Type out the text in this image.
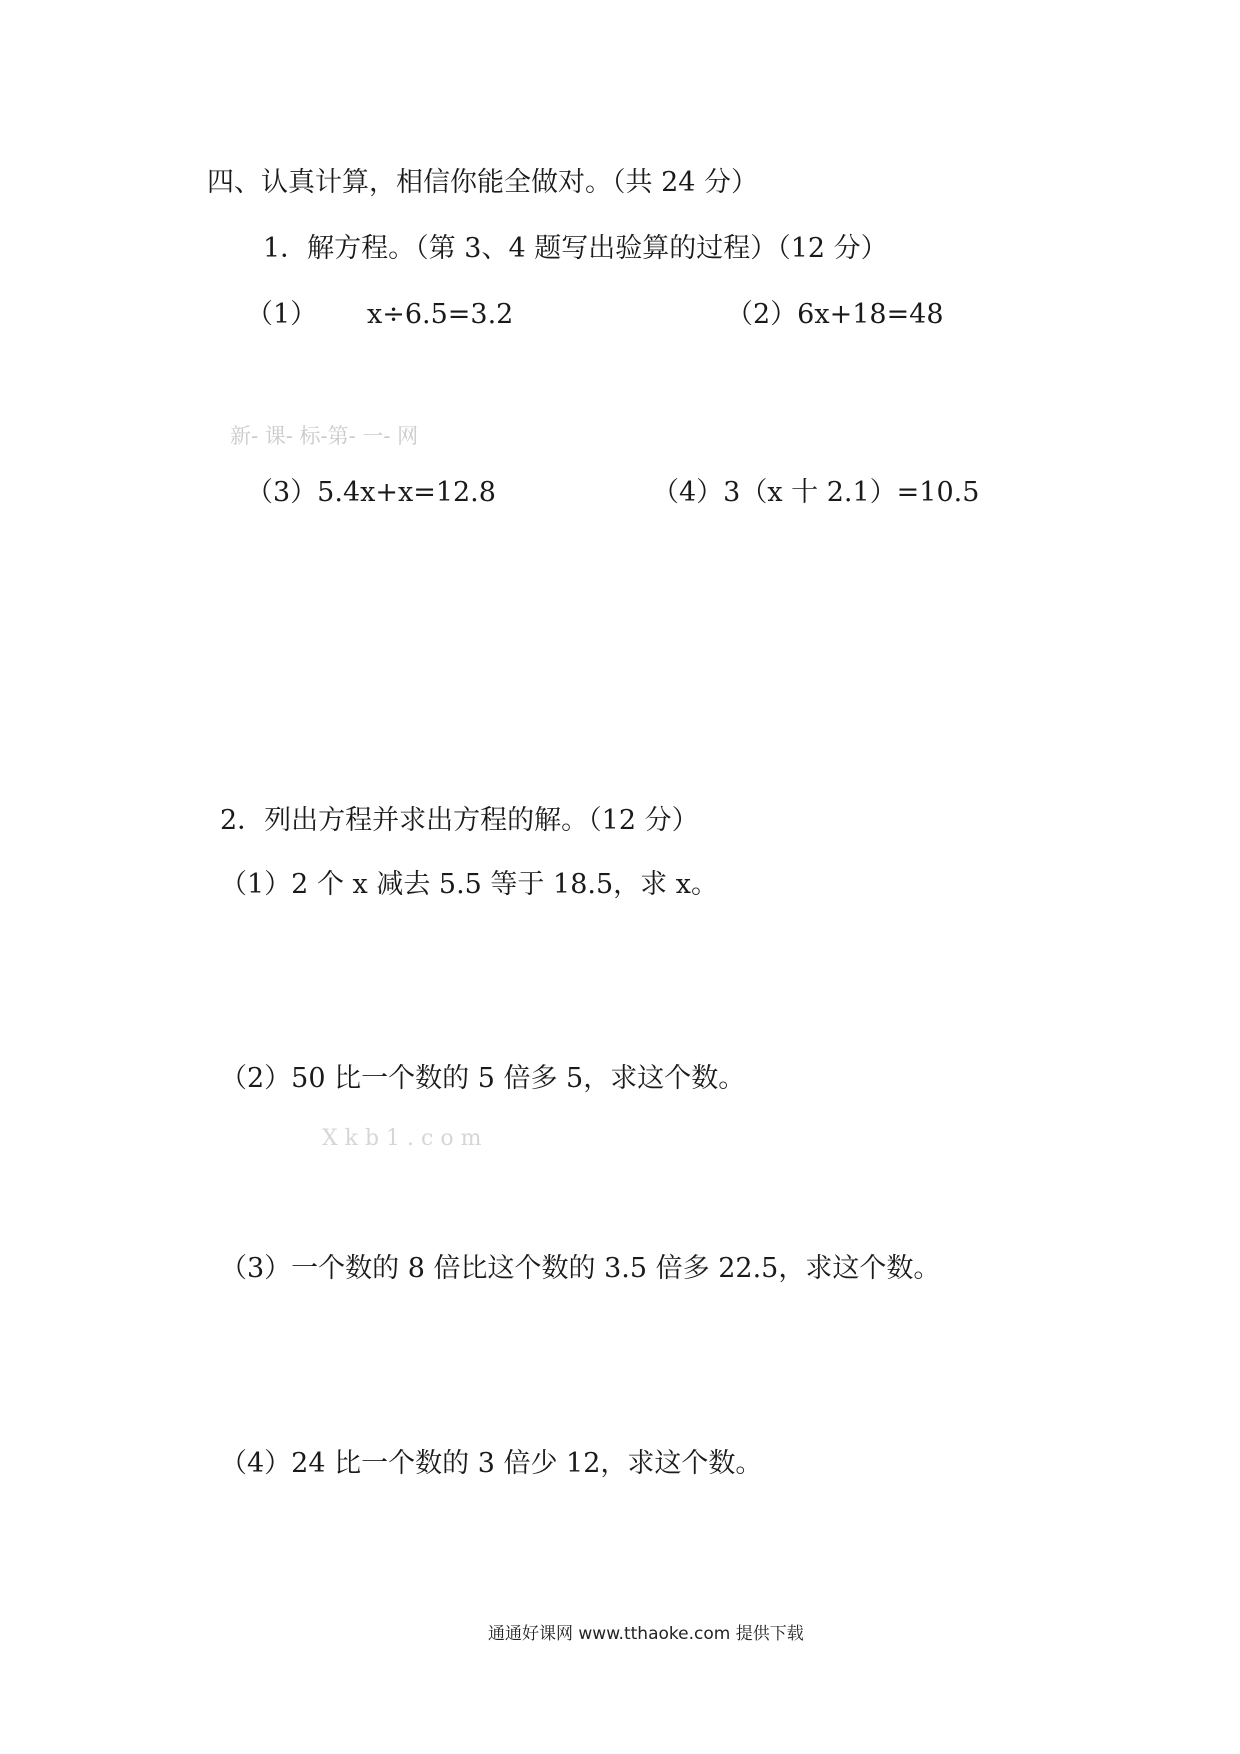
四、认真计算，相信你能全做对。（共 24 分）
1．解方程。（第 3、4 题写出验算的过程）（12 分）
（1） x÷6.5=3.2	（2）6x+18=48
新- 课- 标-第- 一- 网
（3）5.4x+x=12.8	（4）3（x 十 2.1）=10.5
2．列出方程并求出方程的解。（12 分）
（1）2 个 x 减去 5.5 等于 18.5，求 x。
（2）50 比一个数的 5 倍多 5，求这个数。
X k b 1 . c o m
（3）一个数的 8 倍比这个数的 3.5 倍多 22.5，求这个数。
（4）24 比一个数的 3 倍少 12，求这个数。
通通好课网 www.tthaoke.com 提供下载
